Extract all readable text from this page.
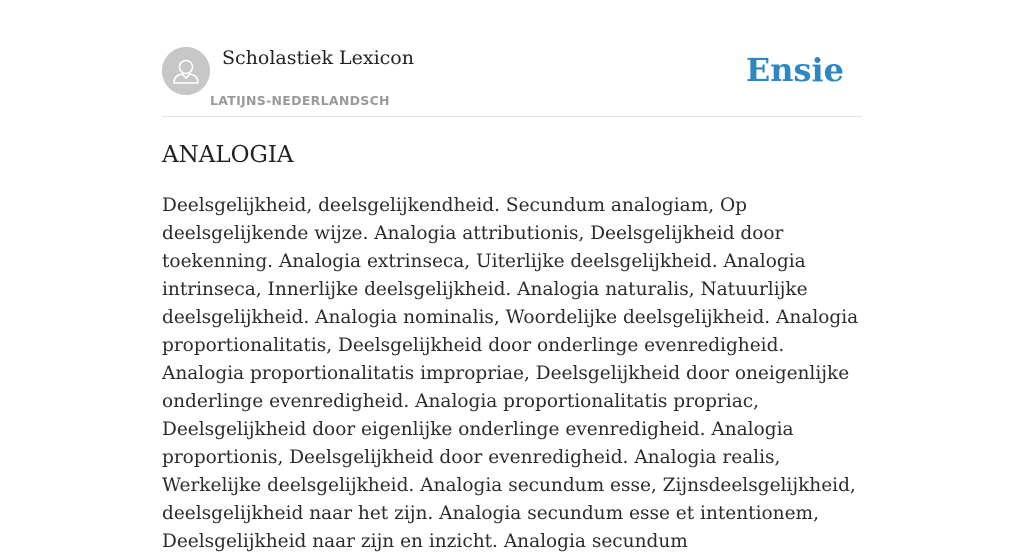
Scholastiek Lexicon
LATIJNS-NEDERLANDSCH
Ensie
ANALOGIA

Deelsgelijkheid, deelsgelijkendheid. Secundum analogiam, Op deelsgelijkende wijze. Analogia attributionis, Deelsgelijkheid door toekenning. Analogia extrinseca, Uiterlijke deelsgelijkheid. Analogia intrinseca, Innerlijke deelsgelijkheid. Analogia naturalis, Natuurlijke deelsgelijkheid. Analogia nominalis, Woordelijke deelsgelijkheid. Analogia proportionalitatis, Deelsgelijkheid door onderlinge evenredigheid. Analogia proportionalitatis impropriae, Deelsgelijkheid door oneigenlijke onderlinge evenredigheid. Analogia proportionalitatis propriac, Deelsgelijkheid door eigenlijke onderlinge evenredigheid. Analogia proportionis, Deelsgelijkheid door evenredigheid. Analogia realis, Werkelijke deelsgelijkheid. Analogia secundum esse, Zijnsdeelsgelijkheid, deelsgelijkheid naar het zijn. Analogia secundum esse et intentionem, Deelsgelijkheid naar zijn en inzicht. Analogia secundum
